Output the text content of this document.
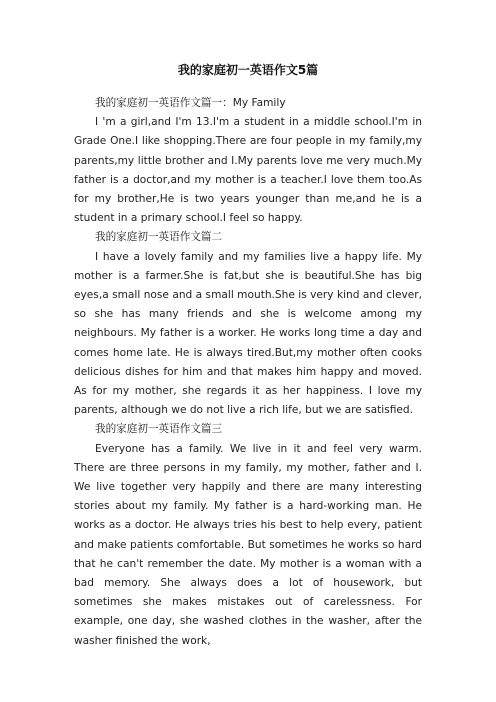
我的家庭初一英语作文5篇

我的家庭初一英语作文篇一：My Family

I 'm a girl,and I'm 13.I'm a student in a middle school.I'm in Grade One.I like shopping.There are four people in my family,my parents,my little brother and I.My parents love me very much.My father is a doctor,and my mother is a teacher.I love them too.As for my brother,He is two years younger than me,and he is a student in a primary school.I feel so happy.

我的家庭初一英语作文篇二

I have a lovely family and my families live a happy life. My mother is a farmer.She is fat,but she is beautiful.She has big eyes,a small nose and a small mouth.She is very kind and clever, so she has many friends and she is welcome among my neighbours. My father is a worker. He works long time a day and comes home late. He is always tired.But,my mother often cooks delicious dishes for him and that makes him happy and moved. As for my mother, she regards it as her happiness. I love my parents, although we do not live a rich life, but we are satisfied.

我的家庭初一英语作文篇三

Everyone has a family. We live in it and feel very warm. There are three persons in my family, my mother, father and I. We live together very happily and there are many interesting stories about my family. My father is a hard-working man. He works as a doctor. He always tries his best to help every, patient and make patients comfortable. But sometimes he works so hard that he can't remember the date. My mother is a woman with a bad memory. She always does a lot of housework, but sometimes she makes mistakes out of carelessness. For example, one day, she washed clothes in the washer, after the washer finished the work,
